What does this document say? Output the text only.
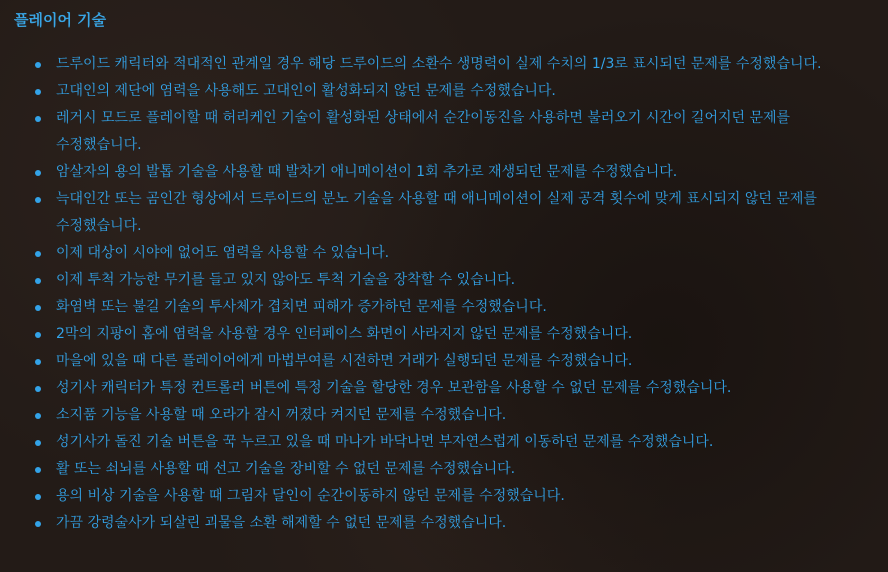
플레이어 기술
드루이드 캐릭터와 적대적인 관계일 경우 해당 드루이드의 소환수 생명력이 실제 수치의 1/3로 표시되던 문제를 수정했습니다.
고대인의 제단에 염력을 사용해도 고대인이 활성화되지 않던 문제를 수정했습니다.
레거시 모드로 플레이할 때 허리케인 기술이 활성화된 상태에서 순간이동진을 사용하면 불러오기 시간이 길어지던 문제를 수정했습니다.
암살자의 용의 발톱 기술을 사용할 때 발차기 애니메이션이 1회 추가로 재생되던 문제를 수정했습니다.
늑대인간 또는 곰인간 형상에서 드루이드의 분노 기술을 사용할 때 애니메이션이 실제 공격 횟수에 맞게 표시되지 않던 문제를 수정했습니다.
이제 대상이 시야에 없어도 염력을 사용할 수 있습니다.
이제 투척 가능한 무기를 들고 있지 않아도 투척 기술을 장착할 수 있습니다.
화염벽 또는 불길 기술의 투사체가 겹치면 피해가 증가하던 문제를 수정했습니다.
2막의 지팡이 홈에 염력을 사용할 경우 인터페이스 화면이 사라지지 않던 문제를 수정했습니다.
마을에 있을 때 다른 플레이어에게 마법부여를 시전하면 거래가 실행되던 문제를 수정했습니다.
성기사 캐릭터가 특정 컨트롤러 버튼에 특정 기술을 할당한 경우 보관함을 사용할 수 없던 문제를 수정했습니다.
소지품 기능을 사용할 때 오라가 잠시 꺼졌다 켜지던 문제를 수정했습니다.
성기사가 돌진 기술 버튼을 꾹 누르고 있을 때 마나가 바닥나면 부자연스럽게 이동하던 문제를 수정했습니다.
활 또는 쇠뇌를 사용할 때 선고 기술을 장비할 수 없던 문제를 수정했습니다.
용의 비상 기술을 사용할 때 그림자 달인이 순간이동하지 않던 문제를 수정했습니다.
가끔 강령술사가 되살린 괴물을 소환 해제할 수 없던 문제를 수정했습니다.
